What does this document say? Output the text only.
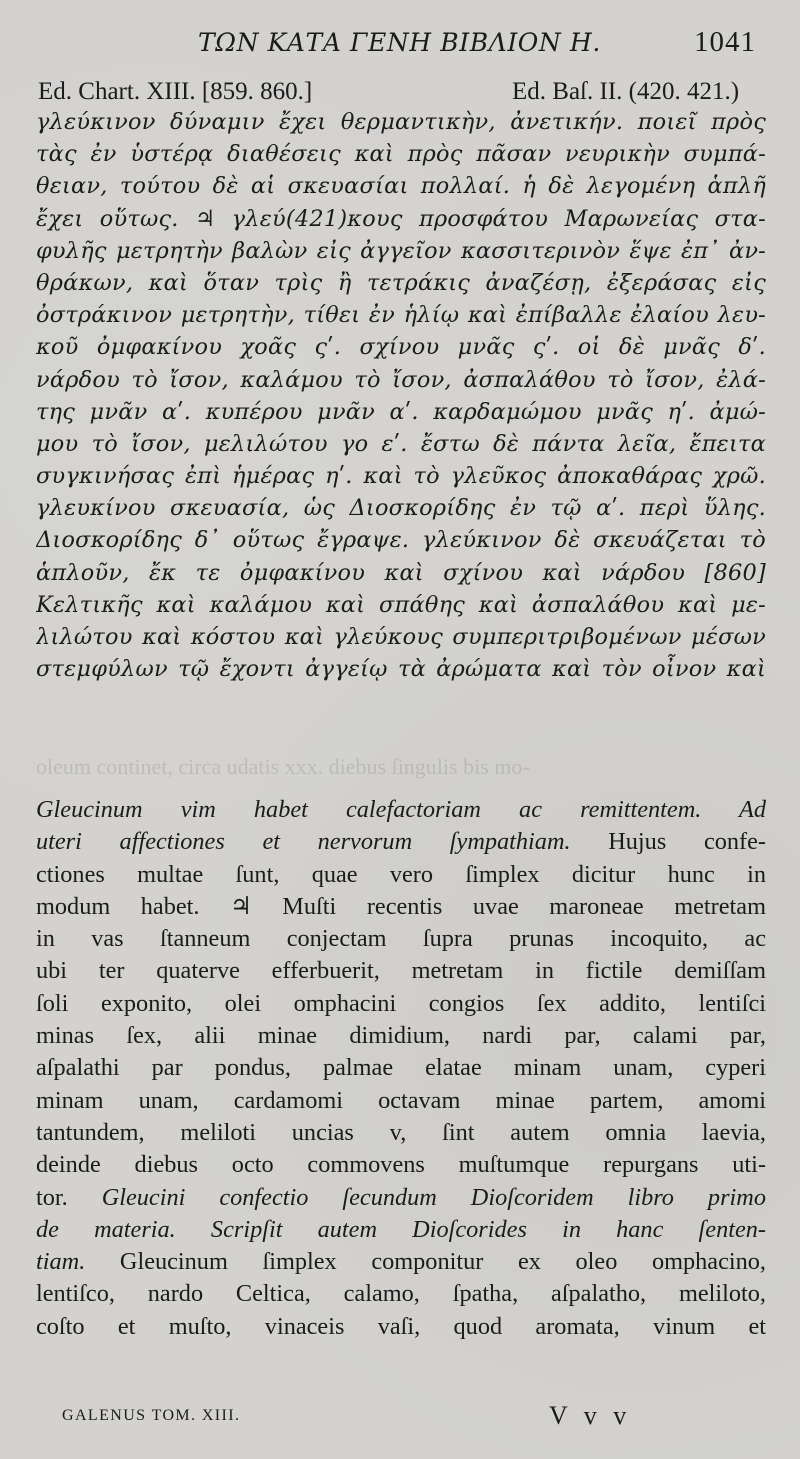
ΤΩΝ ΚΑΤΑ ΓΕΝΗ ΒΙΒΛΙΟΝ Η.	1041
Ed. Chart. XIII. [859. 860.]	Ed. Baſ. II. (420. 421.)
γλεύκινον δύναμιν ἔχει θερμαντικὴν, ἀνετικήν. ποιεῖ πρὸς
τὰς ἐν ὑστέρᾳ διαθέσεις καὶ πρὸς πᾶσαν νευρικὴν συμπά-
θειαν, τούτου δὲ αἱ σκευασίαι πολλαί. ἡ δὲ λεγομένη ἁπλῆ
ἔχει οὕτως. ♃ γλεύ(421)κους προσφάτου Μαρωνείας στα-
φυλῆς μετρητὴν βαλὼν εἰς ἀγγεῖον κασσιτερινὸν ἕψε ἐπ᾽ ἀν-
θράκων, καὶ ὅταν τρὶς ἢ τετράκις ἀναζέσῃ, ἐξεράσας εἰς
ὀστράκινον μετρητὴν, τίθει ἐν ἡλίῳ καὶ ἐπίβαλλε ἐλαίου λευ-
κοῦ ὀμφακίνου χοᾶς ςʹ. σχίνου μνᾶς ςʹ. οἱ δὲ μνᾶς δʹ.
νάρδου τὸ ἴσον, καλάμου τὸ ἴσον, ἀσπαλάθου τὸ ἴσον, ἐλά-
της μνᾶν αʹ. κυπέρου μνᾶν αʹ. καρδαμώμου μνᾶς ηʹ. ἀμώ-
μου τὸ ἴσον, μελιλώτου γο εʹ. ἔστω δὲ πάντα λεῖα, ἔπειτα
συγκινήσας ἐπὶ ἡμέρας ηʹ. καὶ τὸ γλεῦκος ἀποκαθάρας χρῶ.
γλευκίνου σκευασία, ὡς Διοσκορίδης ἐν τῷ αʹ. περὶ ὕλης.
Διοσκορίδης δ᾽ οὕτως ἔγραψε. γλεύκινον δὲ σκευάζεται τὸ
ἁπλοῦν, ἔκ τε ὀμφακίνου καὶ σχίνου καὶ νάρδου [860]
Κελτικῆς καὶ καλάμου καὶ σπάθης καὶ ἀσπαλάθου καὶ με-
λιλώτου καὶ κόστου καὶ γλεύκους συμπεριτριβομένων μέσων
στεμφύλων τῷ ἔχοντι ἀγγείῳ τὰ ἀρώματα καὶ τὸν οἶνον καὶ
oleum continet, circa udatis xxx. diebus ſingulis bis mo-
Gleucinum vim habet calefactoriam ac remittentem. Ad
uteri affectiones et nervorum ſympathiam. Hujus confe-
ctiones multae ſunt, quae vero ſimplex dicitur hunc in
modum habet. ♃ Muſti recentis uvae maroneae metretam
in vas ſtanneum conjectam ſupra prunas incoquito, ac
ubi ter quaterve efferbuerit, metretam in fictile demiſſam
ſoli exponito, olei omphacini congios ſex addito, lentiſci
minas ſex, alii minae dimidium, nardi par, calami par,
aſpalathi par pondus, palmae elatae minam unam, cyperi
minam unam, cardamomi octavam minae partem, amomi
tantundem, meliloti uncias v, ſint autem omnia laevia,
deinde diebus octo commovens muſtumque repurgans uti-
tor. Gleucini confectio ſecundum Dioſcoridem libro primo
de materia. Scripſit autem Dioſcorides in hanc ſenten-
tiam. Gleucinum ſimplex componitur ex oleo omphacino,
lentiſco, nardo Celtica, calamo, ſpatha, aſpalatho, meliloto,
coſto et muſto, vinaceis vaſi, quod aromata, vinum et
GALENUS TOM. XIII.	V v v
